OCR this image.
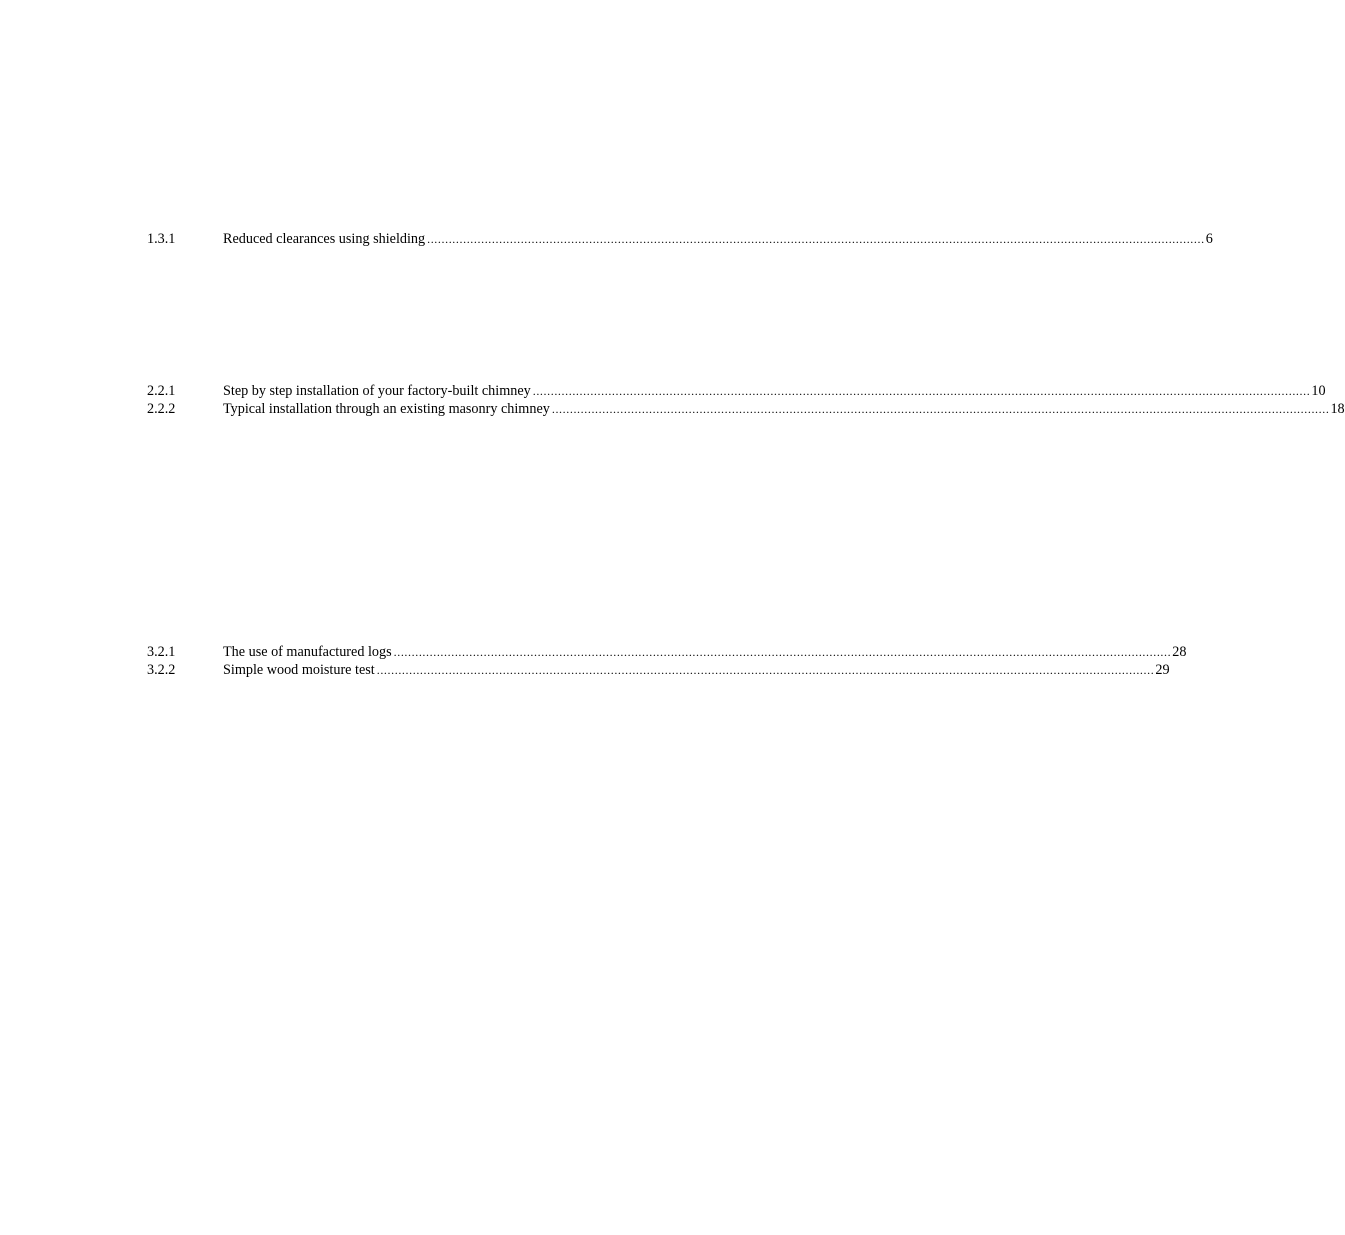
1.3.1	Reduced clearances using shielding ........................................................................................................................................................................................................................ 6
2.2.1	Step by step installation of your factory-built chimney ........................................................................................................................................................................................................................ 10
2.2.2	Typical installation through an existing masonry chimney ........................................................................................................................................................................................................................ 18
3.2.1	The use of manufactured logs ........................................................................................................................................................................................................................ 28
3.2.2	Simple wood moisture test ........................................................................................................................................................................................................................ 29
